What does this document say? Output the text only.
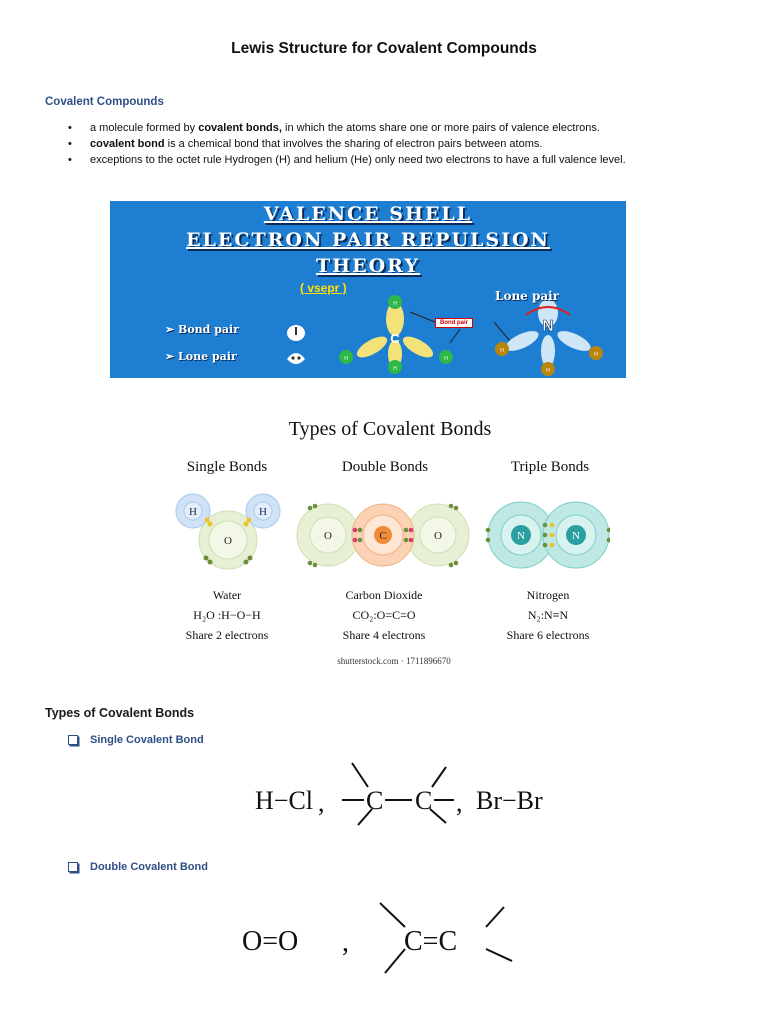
Lewis Structure for Covalent Compounds
Covalent Compounds
• a molecule formed by covalent bonds, in which the atoms share one or more pairs of valence electrons.
• covalent bond is a chemical bond that involves the sharing of electron pairs between atoms.
• exceptions to the octet rule Hydrogen (H) and helium (He) only need two electrons to have a full valence level.
H
H	H
H
H
H
H
C
N
VALENCE SHELL
ELECTRON PAIR REPULSION
THEORY
( vsepr )
Lone pair
➢ Bond pair
➢ Lone pair
Bond pair
Types of Covalent Bonds
Single Bonds	Double Bonds	Triple Bonds
H	H
O	O	C	O	N	N
Water
H₂O :H−O−H
Share 2 electrons
Carbon Dioxide
CO₂:O=C=O
Share 4 electrons
Nitrogen
N₂:N≡N
Share 6 electrons
shutterstock.com · 1711896670
Types of Covalent Bonds
Single Covalent Bond
H−Cl , C C , Br−Br
Double Covalent Bond
O=O , C=C
